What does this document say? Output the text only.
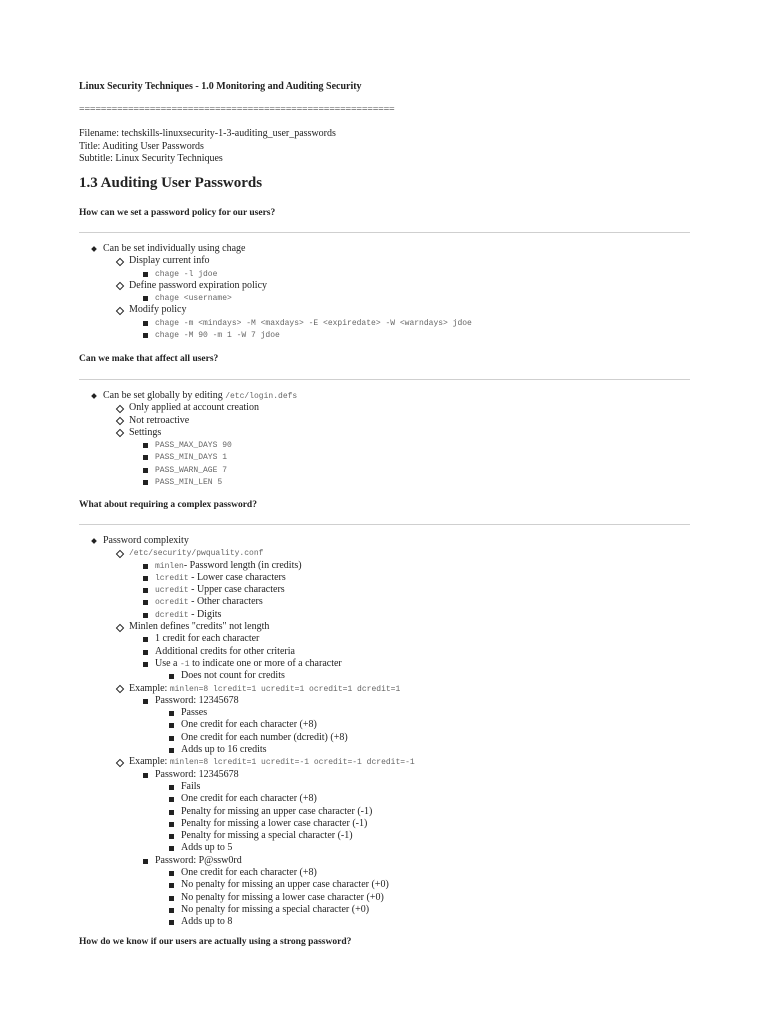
Linux Security Techniques - 1.0 Monitoring and Auditing Security
==========================================================
Filename: techskills-linuxsecurity-1-3-auditing_user_passwords
Title: Auditing User Passwords
Subtitle: Linux Security Techniques
1.3 Auditing User Passwords
How can we set a password policy for our users?
Can be set individually using chage
Display current info
chage -l jdoe
Define password expiration policy
chage <username>
Modify policy
chage -m <mindays> -M <maxdays> -E <expiredate> -W <warndays> jdoe
chage -M 90 -m 1 -W 7 jdoe
Can we make that affect all users?
Can be set globally by editing /etc/login.defs
Only applied at account creation
Not retroactive
Settings
PASS_MAX_DAYS 90
PASS_MIN_DAYS 1
PASS_WARN_AGE 7
PASS_MIN_LEN 5
What about requiring a complex password?
Password complexity
/etc/security/pwquality.conf
minlen- Password length (in credits)
lcredit - Lower case characters
ucredit - Upper case characters
ocredit - Other characters
dcredit - Digits
Minlen defines "credits" not length
1 credit for each character
Additional credits for other criteria
Use a -1 to indicate one or more of a character
Does not count for credits
Example: minlen=8 lcredit=1 ucredit=1 ocredit=1 dcredit=1
Password: 12345678
Passes
One credit for each character (+8)
One credit for each number (dcredit) (+8)
Adds up to 16 credits
Example: minlen=8 lcredit=1 ucredit=-1 ocredit=-1 dcredit=-1
Password: 12345678
Fails
One credit for each character (+8)
Penalty for missing an upper case character (-1)
Penalty for missing a lower case character (-1)
Penalty for missing a special character (-1)
Adds up to 5
Password: P@ssw0rd
One credit for each character (+8)
No penalty for missing an upper case character (+0)
No penalty for missing a lower case character (+0)
No penalty for missing a special character (+0)
Adds up to 8
How do we know if our users are actually using a strong password?
